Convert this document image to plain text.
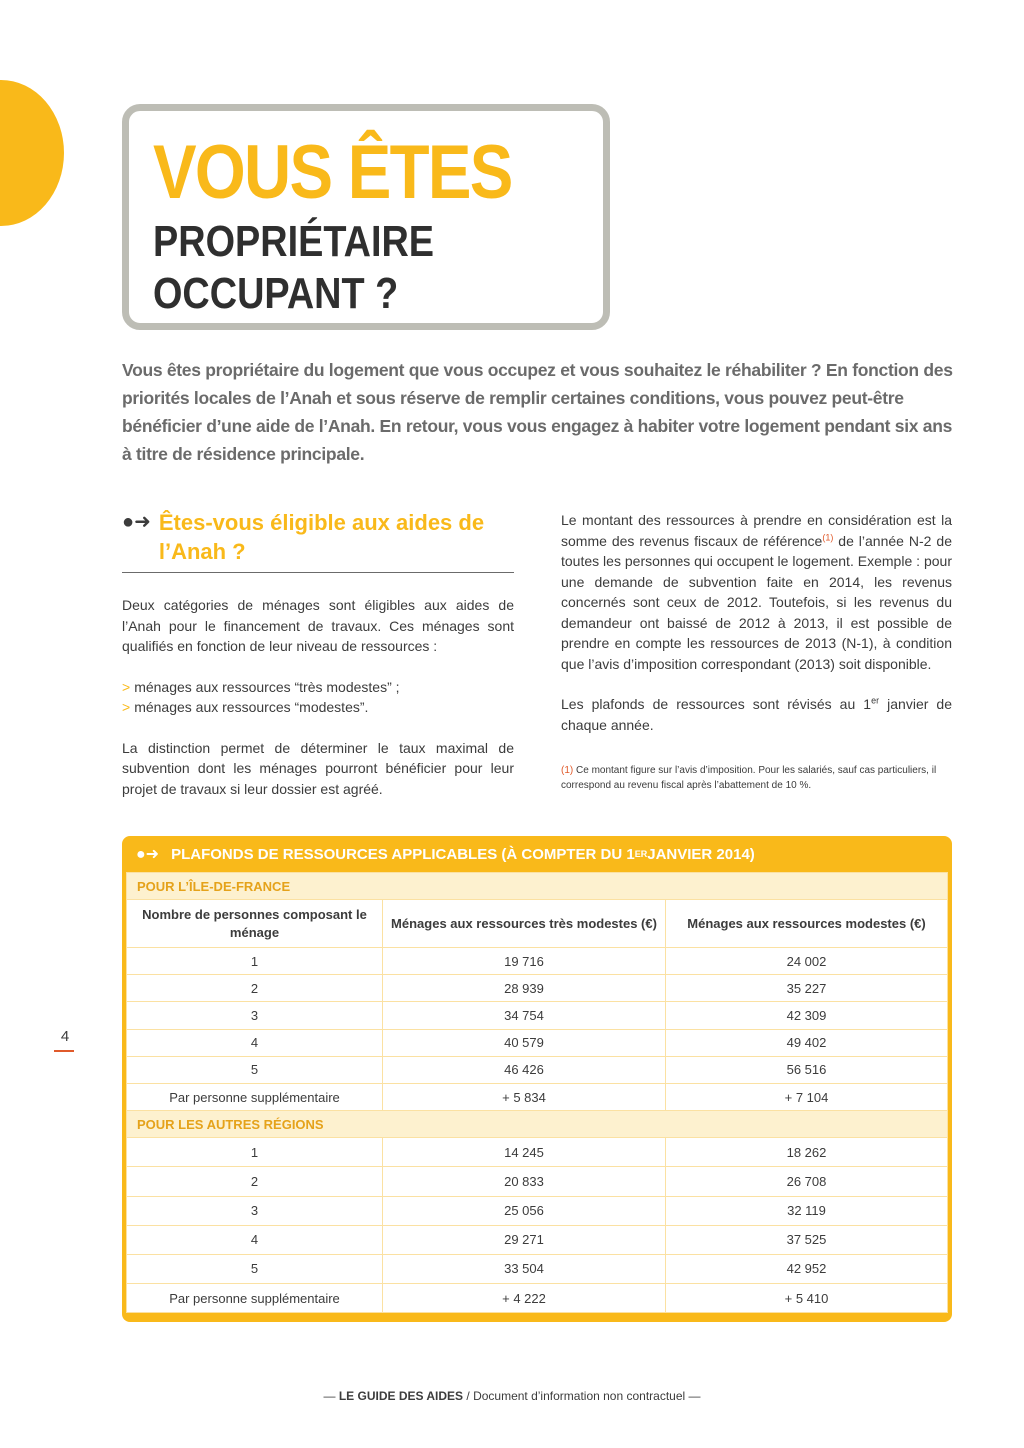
VOUS ÊTES
PROPRIÉTAIRE
OCCUPANT ?

Vous êtes propriétaire du logement que vous occupez et vous souhaitez le réhabiliter ? En fonction des priorités locales de l’Anah et sous réserve de remplir certaines conditions, vous pouvez peut-être bénéficier d’une aide de l’Anah. En retour, vous vous engagez à habiter votre logement pendant six ans à titre de résidence principale.

●➜ Êtes-vous éligible aux aides de l’Anah ?

Deux catégories de ménages sont éligibles aux aides de l’Anah pour le financement de travaux. Ces ménages sont qualifiés en fonction de leur niveau de ressources :

> ménages aux ressources “très modestes” ;
> ménages aux ressources “modestes”.

La distinction permet de déterminer le taux maximal de subvention dont les ménages pourront bénéficier pour leur projet de travaux si leur dossier est agréé.

Le montant des ressources à prendre en considération est la somme des revenus fiscaux de référence$^{(1)}$ de l’année N-2 de toutes les personnes qui occupent le logement. Exemple : pour une demande de subvention faite en 2014, les revenus concernés sont ceux de 2012. Toutefois, si les revenus du demandeur ont baissé de 2012 à 2013, il est possible de prendre en compte les ressources de 2013 (N-1), à condition que l’avis d’imposition correspondant (2013) soit disponible.

Les plafonds de ressources sont révisés au 1er janvier de chaque année.

(1) Ce montant figure sur l’avis d’imposition. Pour les salariés, sauf cas particuliers, il correspond au revenu fiscal après l’abattement de 10 %.

4
●➜ PLAFONDS DE RESSOURCES APPLICABLES (À COMPTER DU 1 ER JANVIER 2014)
POUR L’ÎLE-DE-FRANCE		
Nombre de personnes composant le ménage	Ménages aux ressources très modestes (€)	Ménages aux ressources modestes (€)
1	19 716	24 002
2	28 939	35 227
3	34 754	42 309
4	40 579	49 402
5	46 426	56 516
Par personne supplémentaire	+ 5 834	+ 7 104
POUR LES AUTRES RÉGIONS		
1	14 245	18 262
2	20 833	26 708
3	25 056	32 119
4	29 271	37 525
5	33 504	42 952
Par personne supplémentaire	+ 4 222	+ 5 410
— LE GUIDE DES AIDES / Document d’information non contractuel —
